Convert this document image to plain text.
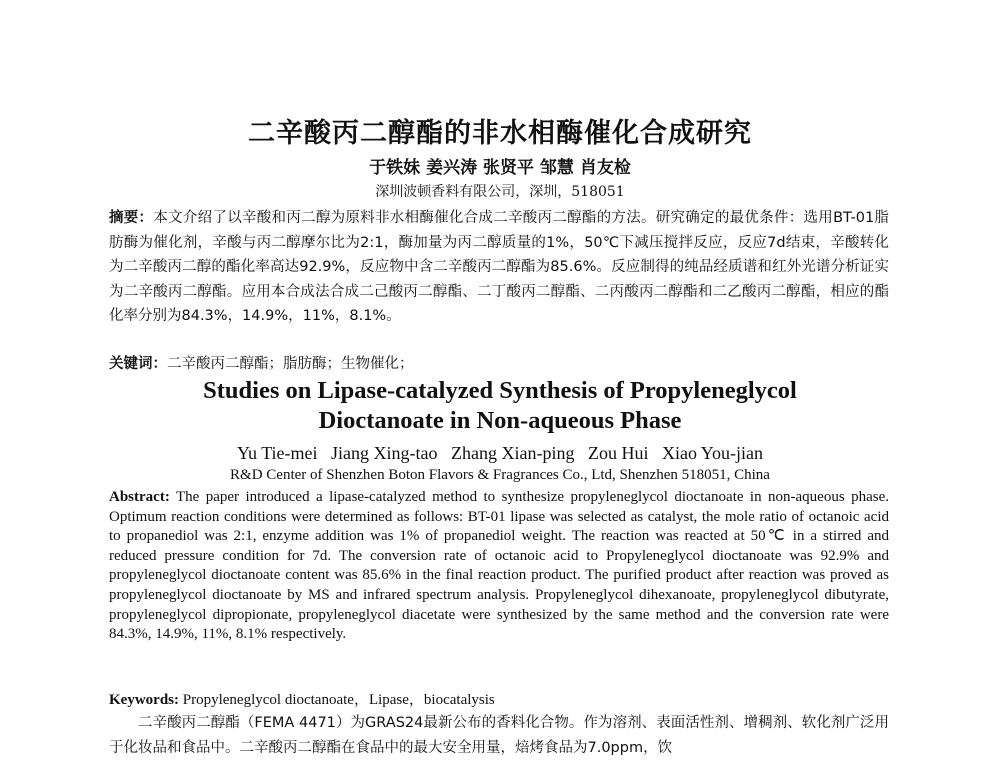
二辛酸丙二醇酯的非水相酶催化合成研究
于铁妹 姜兴涛 张贤平 邹慧 肖友检
深圳波顿香料有限公司，深圳，518051
摘要：本文介绍了以辛酸和丙二醇为原料非水相酶催化合成二辛酸丙二醇酯的方法。研究确定的最优条件：选用BT-01脂肪酶为催化剂，辛酸与丙二醇摩尔比为2:1，酶加量为丙二醇质量的1%，50℃下减压搅拌反应，反应7d结束，辛酸转化为二辛酸丙二醇的酯化率高达92.9%，反应物中含二辛酸丙二醇酯为85.6%。反应制得的纯品经质谱和红外光谱分析证实为二辛酸丙二醇酯。应用本合成法合成二己酸丙二醇酯、二丁酸丙二醇酯、二丙酸丙二醇酯和二乙酸丙二醇酯，相应的酯化率分别为84.3%，14.9%，11%，8.1%。
关键词：二辛酸丙二醇酯；脂肪酶；生物催化；
Studies on Lipase-catalyzed Synthesis of Propyleneglycol
Dioctanoate in Non-aqueous Phase
Yu Tie-mei   Jiang Xing-tao   Zhang Xian-ping   Zou Hui   Xiao You-jian
R&D Center of Shenzhen Boton Flavors & Fragrances Co., Ltd, Shenzhen 518051, China
Abstract: The paper introduced a lipase-catalyzed method to synthesize propyleneglycol dioctanoate in non-aqueous phase. Optimum reaction conditions were determined as follows: BT-01 lipase was selected as catalyst, the mole ratio of octanoic acid to propanediol was 2:1, enzyme addition was 1% of propanediol weight. The reaction was reacted at 50℃ in a stirred and reduced pressure condition for 7d. The conversion rate of octanoic acid to Propyleneglycol dioctanoate was 92.9% and propyleneglycol dioctanoate content was 85.6% in the final reaction product. The purified product after reaction was proved as propyleneglycol dioctanoate by MS and infrared spectrum analysis. Propyleneglycol dihexanoate, propyleneglycol dibutyrate, propyleneglycol dipropionate, propyleneglycol diacetate were synthesized by the same method and the conversion rate were 84.3%, 14.9%, 11%, 8.1% respectively.
Keywords: Propyleneglycol dioctanoate，Lipase，biocatalysis

二辛酸丙二醇酯（FEMA 4471）为GRAS24最新公布的香料化合物。作为溶剂、表面活性剂、增稠剂、软化剂广泛用于化妆品和食品中。二辛酸丙二醇酯在食品中的最大安全用量，焙烤食品为7.0ppm，饮
